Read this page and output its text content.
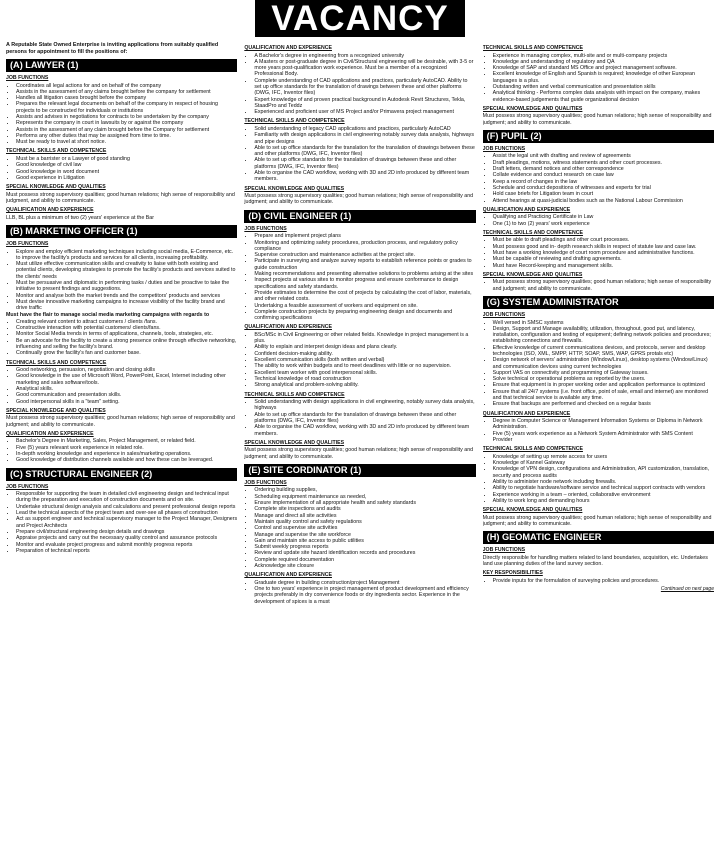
VACANCY

A Reputable State Owned Enterprise is inviting applications from suitably qualified persons for appointment to fill the positions of:

(A) LAWYER (1)
JOB FUNCTIONS
• Coordinates all legal actions for and on behalf of the company
• Assists in the assessment of any claims brought before the company for settlement
• Handles all litigation cases brought before the company
• Prepares the relevant legal documents on behalf of the company in respect of housing projects to be constructed for individuals or institutions
• Assists and advises in negotiations for contracts to be undertaken by the company
• Represents the company in court in lawsuits by or against the company
• Assists in the assessment of any claim brought before the Company for settlement
• Performs any other duties that may be assigned from time to time.
• Must be ready to travel at short notice.
TECHNICAL SKILLS AND COMPETENCE
• Must be a barrister or a Lawyer of good standing
• Good knowledge of civil law
• Good knowledge in word document
• Good experience in Litigation
SPECIAL KNOWLEDGE AND QUALITIES

Must possess strong supervisory qualities; good human relations; high sense of responsibility and judgment, and ability to communicate.

QUALIFICATION AND EXPERIENCE

LLB, BL plus a minimum of two (2) years' experience at the Bar

(B) MARKETING OFFICER (1)
JOB FUNCTIONS
• Explore and employ efficient marketing techniques including social media, E-Commerce, etc. to improve the facility's products and services for all clients, increasing profitability.
• Must utilize effective communication skills and creativity to liaise with both existing and potential clients, developing strategies to promote the facility's products and services suited to the clients' needs
• Must be persuasive and diplomatic in performing tasks / duties and be proactive to take the initiative to present findings and suggestions.
• Monitor and analyse both the market trends and the competitors' products and services
• Must devise innovative marketing campaigns to increase visibility of the facility brand and drive traffic

Must have the flair to manage social media marketing campaigns with regards to

• Creating relevant content to attract customers / clients /fans.
• Constructive interaction with potential customers/ clients/fans.
• Monitor Social Media trends in terms of applications, channels, tools, strategies, etc.
• Be an advocate for the facility to create a strong presence online through effective networking, influencing and selling the facility's brand.
• Continually grow the facility's fan and customer base.
TECHNICAL SKILLS AND COMPETENCE
• Good networking, persuasion, negotiation and closing skills
• Good knowledge in the use of Microsoft Word, PowerPoint, Excel, Internet including other marketing and sales software/tools.
• Analytical skills.
• Good communication and presentation skills.
• Good interpersonal skills in a "team" setting.
SPECIAL KNOWLEDGE AND QUALITIES

Must possess strong supervisory qualities; good human relations; high sense of responsibility and judgment; and ability to communicate.

QUALIFICATION AND EXPERIENCE
• Bachelor's Degree in Marketing, Sales, Project Management, or related field.
• Five (5) years relevant work experience in related role.
• In-depth working knowledge and experience in sales/marketing operations.
• Good knowledge of distribution channels available and how these can be leveraged.
(C) STRUCTURAL ENGINEER (2)
JOB FUNCTIONS
• Responsible for supporting the team in detailed civil engineering design and technical input during the preparation and execution of construction documents and on site.
• Undertake structural design analysis and calculations and present professional design reports
• Lead the technical aspects of the project team and over-see all phases of construction
• Act as support engineer and technical supervisory manager to the Project Manager, Designers and Project Architects
• Prepare civil/structural engineering design details and drawings
• Appraise projects and carry out the necessary quality control and assurance protocols
• Monitor and evaluate project progress and submit monthly progress reports
• Preparation of technical reports
QUALIFICATION AND EXPERIENCE
• A Bachelor's degree in engineering from a recognized university
• A Masters or post-graduate degree in Civil/Structural engineering will be desirable, with 3-5 or more years post-qualification work experience. Must be a member of a recognized Professional Body.
• Complete understanding of CAD applications and practices, particularly AutoCAD. Ability to set up office standards for the translation of drawings between these and other platforms (DWG, IFC, Inventor files)
• Expert knowledge of and proven practical background in Autodesk Revit Structures, Tekla, StaadPro and Teddz
• Experienced and proficient user of MS Project and/or Primavera project management
TECHNICAL SKILLS AND COMPETENCE
• Solid understanding of legacy CAD applications and practices, particularly AutoCAD
• Familiarity with design applications in civil engineering notably survey data analysis, highways and pipe designs
• Able to set up office standards for the translation for the translation of drawings between these and other platforms (DWG, IFC, Inventor files)
• Able to set up office standards for the translation of drawings between these and other platforms (DWG, IFC, Inventor files)
• Able to organise the CAD workflow, working with 3D and 2D info produced by different team members.
SPECIAL KNOWLEDGE AND QUALITIES

Must possess strong supervisory qualities; good human relations; high sense of responsibility and judgment; and ability to communicate.

(D) CIVIL ENGINEER (1)
JOB FUNCTIONS
• Prepare and implement project plans
• Monitoring and optimizing safety procedures, production process, and regulatory policy compliance
• Supervise construction and maintenance activities at the project site.
• Participate in surveying and analyze survey reports to establish reference points or grades to guide construction
• Making recommendations and presenting alternative solutions to problems arising at the sites
• Inspect projects at various sites to monitor progress and ensure conformance to design specifications and safety standards.
• Provide estimates to determine the cost of projects by calculating the cost of labor, materials, and other related costs.
• Undertaking a feasible assessment of workers and equipment on site.
• Complete construction projects by preparing engineering design and documents and confirming specifications
QUALIFICATION AND EXPERIENCE
• BSc/MSc in Civil Engineering or other related fields. Knowledge in project management is a plus.
• Ability to explain and interpret design ideas and plans clearly.
• Confident decision-making ability.
• Excellent communication skills (both written and verbal)
• The ability to work within budgets and to meet deadlines with little or no supervision.
• Excellent team worker with good interpersonal skills.
• Technical knowledge of road construction
• Strong analytical and problem-solving ability.
TECHNICAL SKILLS AND COMPETENCE
• Solid understanding with design applications in civil engineering, notably survey data analysis, highways
• Able to set up office standards for the translation of drawings between these and other platforms (DWG, IFC, Inventor files)
• Able to organise the CAD workflow, working with 3D and 2D info produced by different team members.
SPECIAL KNOWLEDGE AND QUALITIES

Must possess strong supervisory qualities; good human relations; high sense of responsibility and judgment; and ability to communicate.

(E) SITE CORDINATOR (1)
JOB FUNCTIONS
• Ordering building supplies,
• Scheduling equipment maintenance as needed,
• Ensure implementation of all appropriate health and safety standards
• Complete site inspections and audits
• Manage and direct all site activities
• Maintain quality control and safety regulations
• Control and supervise site activities
• Manage and supervise the site workforce
• Gain and maintain site access to public utilities
• Submit weekly progress reports
• Review and update site hazard identification records and procedures
• Complete required documentation
• Acknowledge site closure
QUALIFICATION AND EXPERIENCE
• Graduate degree in building construction/project Management
• One to two years' experience in project management of product development and efficiency projects preferably in dry convenience foods or dry ingredients sector. Experience in the development of spices is a must
TECHNICAL SKILLS AND COMPETENCE
• Experience in managing complex, multi-site and or multi-company projects
• Knowledge and understanding of regulatory and QA
• Knowledge of SAP and standard MS Office and project management software.
• Excellent knowledge of English and Spanish is required; knowledge of other European languages is a plus.
• Outstanding written and verbal communication and presentation skills
• Analytical thinking - Performs complex data analysis with impact on the company, makes evidence-based judgements that guide organizational decision
SPECIAL KNOWLEDGE AND QUALITIES

Must possess strong supervisory qualities; good human relations; high sense of responsibility and judgment; and ability to communicate.

(F) PUPIL (2)
JOB FUNCTIONS
• Assist the legal unit with drafting and review of agreements
• Draft pleadings, motions, witness statements and other court processes.
• Draft letters, demand notices and other correspondence
• Collate evidence and conduct research on case law
• Keep a record of changes in the law
• Schedule and conduct depositions of witnesses and experts for trial
• Hold case briefs for Litigation team in court
• Attend hearings at quasi-judicial bodies such as the National Labour Commission
QUALIFICATION AND EXPERIENCE
• Qualifying and Practicing Certificate in Law
• One (1) to two (2) years' work experience
TECHNICAL SKILLS AND COMPETENCE
• Must be able to draft pleadings and other court processes.
• Must possess good and in- depth research skills in respect of statute law and case law.
• Must have a working knowledge of court room procedure and administrative functions.
• Must be capable of reviewing and drafting agreements.
• Must have Record-keeping and management skills.
SPECIAL KNOWLEDGE AND QUALITIES
• Must possess strong supervisory qualities; good human relations; high sense of responsibility and judgment; and ability to communicate.
(G) SYSTEM ADMINISTRATOR
JOB FUNCTIONS
• Well versed in SMSC systems
• Design, Support and Manage availability, utilization, throughout, good put, and latency, installation, configuration and testing of equipment; defining network policies and procedures; establishing connections and firewalls.
• Effective knowledge of current communications devices, and protocols, server and desktop technologies (ISO, XML, SMPP, HTTP, SOAP, SMS, WAP, GPRS protals etc)
• Design network of servers' administration (Window/Linux), desktop systems (Window/Linux) and communication devices using current technologies
• Support VAS on connectivity and programming of Gateway issues.
• Solve technical or operational problems as reported by the users.
• Ensure that equipment is in proper working order and application performance is optimized
• Ensure that all 24/7 systems (i.e. front office, point of sale, email and internet) are monitored and that technical service is available any time.
• Ensure that backups are performed and checked on a regular basis
QUALIFICATION AND EXPERIENCE
• Degree in Computer Science or Management Information Systems or Diploma in Network Administration.
• Five (5) years work experience as a Network System Administrator with SMS Content Provider
TECHNICAL SKILLS AND COMPETENCE
• Knowledge of setting up remote access for users
• Knowledge of Kannel Gateway
• Knowledge of VPN design, configurations and Administration, API customization, translation, security and process audits
• Ability to administer node network including firewalls.
• Ability to negotiate hardware/software service and technical support contracts with vendors
• Experience working in a team – oriented, collaborative environment
• Ability to work long and demanding hours
SPECIAL KNOWLEDGE AND QUALITIES

Must possess strong supervisory qualities; good human relations; high sense of responsibility and judgment; and ability to communicate.

(H) GEOMATIC ENGINEER
JOB FUNCTIONS

Directly responsible for handling matters related to land boundaries, acquisition, etc. Undertakes land use planning duties of the land survey section.

KEY RESPONSIBILITIES
• Provide inputs for the formulation of surveying policies and procedures.
Continued on next page
